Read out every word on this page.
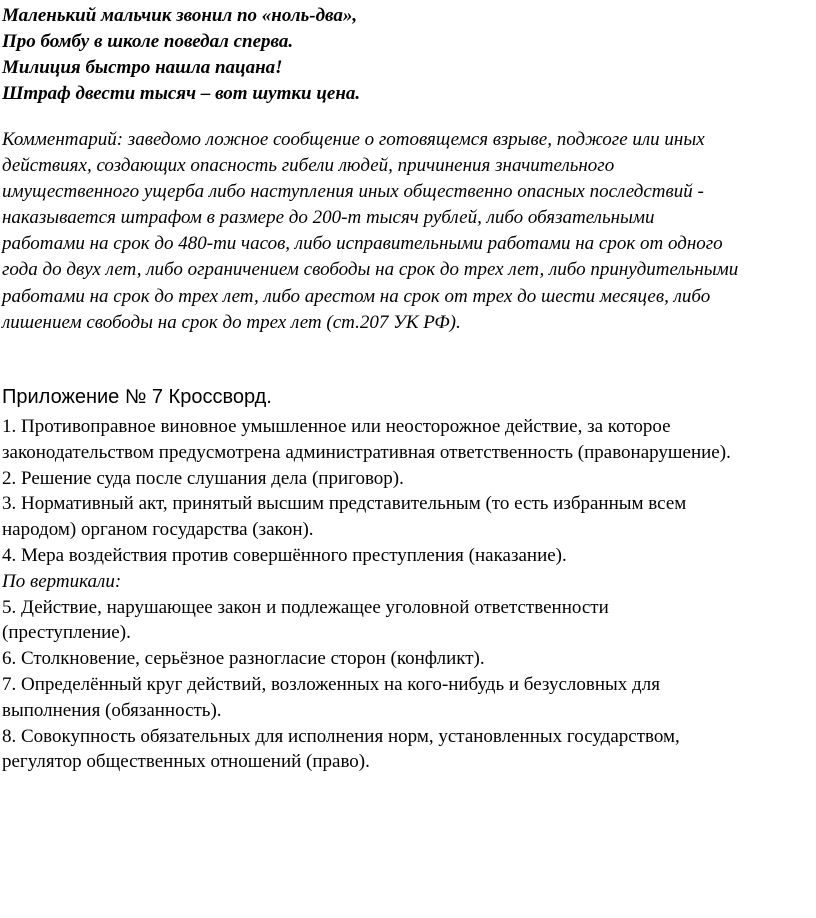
Маленький мальчик звонил по «ноль-два»,
Про бомбу в школе поведал сперва.
Милиция быстро нашла пацана!
Штраф двести тысяч – вот шутки цена.
Комментарий: заведомо ложное сообщение о готовящемся взрыве, поджоге или иных
действиях, создающих опасность гибели людей, причинения значительного
имущественного ущерба либо наступления иных общественно опасных последствий -
наказывается штрафом в размере до 200-т тысяч рублей, либо обязательными
работами на срок до 480-ти часов, либо исправительными работами на срок от одного
года до двух лет, либо ограничением свободы на срок до трех лет, либо принудительными
работами на срок до трех лет, либо арестом на срок от трех до шести месяцев, либо
лишением свободы на срок до трех лет (ст.207 УК РФ).
Приложение № 7 Кроссворд.
1. Противоправное виновное умышленное или неосторожное действие, за которое
законодательством предусмотрена административная ответственность (правонарушение).
2. Решение суда после слушания дела (приговор).
3. Нормативный акт, принятый высшим представительным (то есть избранным всем
народом) органом государства (закон).
4. Мера воздействия против совершённого преступления (наказание).
По вертикали:
5. Действие, нарушающее закон и подлежащее уголовной ответственности
(преступление).
6. Столкновение, серьёзное разногласие сторон (конфликт).
7. Определённый круг действий, возложенных на кого-нибудь и безусловных для
выполнения (обязанность).
8. Совокупность обязательных для исполнения норм, установленных государством,
регулятор общественных отношений (право).
